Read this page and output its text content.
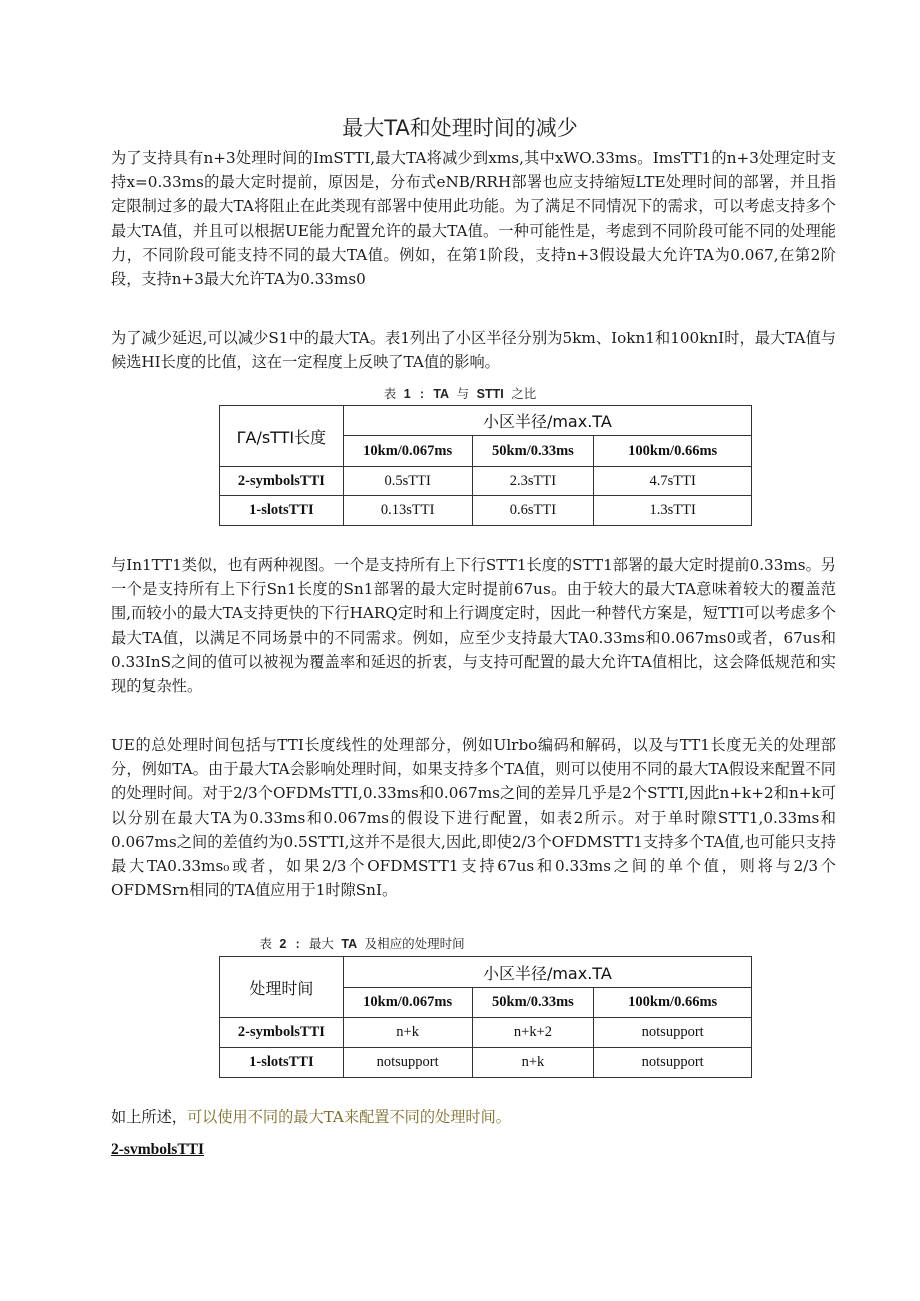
最大TA和处理时间的减少

为了支持具有n+3处理时间的ImSTTI,最大TA将减少到xms,其中xWO.33ms。ImsTT1的n+3处理定时支持x=0.33ms的最大定时提前，原因是，分布式eNB/RRH部署也应支持缩短LTE处理时间的部署，并且指定限制过多的最大TA将阻止在此类现有部署中使用此功能。为了满足不同情况下的需求，可以考虑支持多个最大TA值，并且可以根据UE能力配置允许的最大TA值。一种可能性是，考虑到不同阶段可能不同的处理能力，不同阶段可能支持不同的最大TA值。例如，在第1阶段，支持n+3假设最大允许TA为0.067,在第2阶段，支持n+3最大允许TA为0.33ms0

为了减少延迟,可以减少S1中的最大TA。表1列出了小区半径分别为5km、Iokn1和100knI时，最大TA值与候选HI长度的比值，这在一定程度上反映了TA值的影响。

表 1 : TA 与 STTI 之比
ΓA/sTTI长度	小区半径/max.TA		
	10km/0.067ms	50km/0.33ms	100km/0.66ms
2-symbolsTTI	0.5sTTI	2.3sTTI	4.7sTTI
1-slotsTTI	0.13sTTI	0.6sTTI	1.3sTTI

与In1TT1类似，也有两种视图。一个是支持所有上下行STT1长度的STT1部署的最大定时提前0.33ms。另一个是支持所有上下行Sn1长度的Sn1部署的最大定时提前67us。由于较大的最大TA意味着较大的覆盖范围,而较小的最大TA支持更快的下行HARQ定时和上行调度定时，因此一种替代方案是，短TTI可以考虑多个最大TA值，以满足不同场景中的不同需求。例如，应至少支持最大TA0.33ms和0.067ms0或者，67us和0.33InS之间的值可以被视为覆盖率和延迟的折衷，与支持可配置的最大允许TA值相比，这会降低规范和实现的复杂性。

UE的总处理时间包括与TTI长度线性的处理部分，例如Ulrbo编码和解码，以及与TT1长度无关的处理部分，例如TA。由于最大TA会影响处理时间，如果支持多个TA值，则可以使用不同的最大TA假设来配置不同的处理时间。对于2/3个OFDMsTTI,0.33ms和0.067ms之间的差异几乎是2个STTI,因此n+k+2和n+k可以分别在最大TA为0.33ms和0.067ms的假设下进行配置，如表2所示。对于单时隙STT1,0.33ms和0.067ms之间的差值约为0.5STTI,这并不是很大,因此,即使2/3个OFDMSTT1支持多个TA值,也可能只支持最大TA0.33ms₀或者，如果2/3个OFDMSTT1支持67us和0.33ms之间的单个值，则将与2/3个OFDMSrn相同的TA值应用于1时隙SnI。

表 2 : 最大 TA 及相应的处理时间
处理时间	小区半径/max.TA		
	10km/0.067ms	50km/0.33ms	100km/0.66ms
2-symbolsTTI	n+k	n+k+2	notsupport
1-slotsTTI	notsupport	n+k	notsupport

如上所述，可以使用不同的最大TA来配置不同的处理时间。

2-svmbolsTTI
